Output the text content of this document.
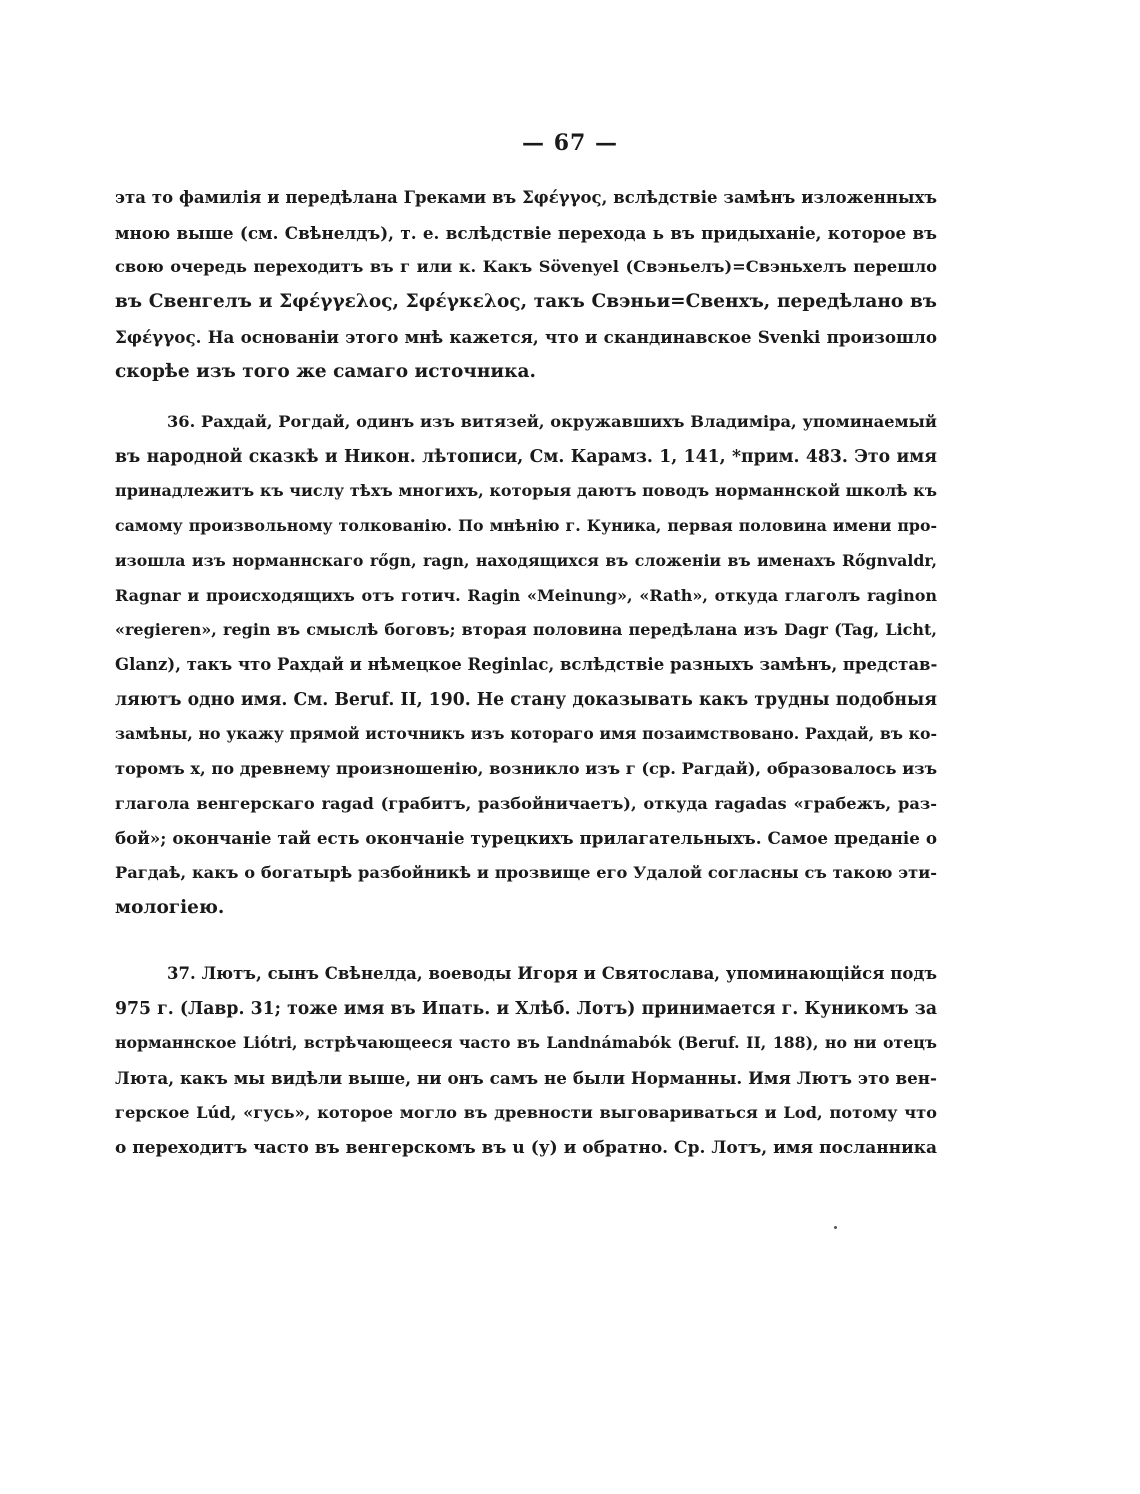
— 67 —

эта то фамилія и передѣлана Греками въ Σφέγγος, вслѣдствіе замѣнъ изложенныхъ
мною выше (см. Свѣнелдъ), т. е. вслѣдствіе перехода ь въ придыханіе, которое въ
свою очередь переходитъ въ г или к. Какъ Sövenyel (Свэньелъ)=Свэньхелъ перешло
въ Свенгелъ и Σφέγγελος, Σφέγκελος, такъ Свэньи=Свенхъ, передѣлано въ
Σφέγγος. На основаніи этого мнѣ кажется, что и скандинавское Svenki произошло
скорѣе изъ того же самаго источника.

36. Рахдай, Рогдай, одинъ изъ витязей, окружавшихъ Владиміра, упоминаемый
въ народной сказкѣ и Никон. лѣтописи, См. Карамз. 1, 141, *прим. 483. Это имя
принадлежитъ къ числу тѣхъ многихъ, которыя даютъ поводъ норманнской школѣ къ
самому произвольному толкованію. По мнѣнію г. Куника, первая половина имени про-
изошла изъ норманнскаго rőgn, ragn, находящихся въ сложеніи въ именахъ Rőgnvaldr,
Ragnar и происходящихъ отъ готич. Ragin «Meinung», «Rath», откуда глаголъ raginon
«regieren», regin въ смыслѣ боговъ; вторая половина передѣлана изъ Dagr (Tag, Licht,
Glanz), такъ что Рахдай и нѣмецкое Reginlac, вслѣдствіе разныхъ замѣнъ, представ-
ляютъ одно имя. См. Beruf. II, 190. Не стану доказывать какъ трудны подобныя
замѣны, но укажу прямой источникъ изъ котораго имя позаимствовано. Рахдай, въ ко-
торомъ х, по древнему произношенію, возникло изъ г (ср. Рагдай), образовалось изъ
глагола венгерскаго ragad (грабитъ, разбойничаетъ), откуда ragadas «грабежъ, раз-
бой»; окончаніе тай есть окончаніе турецкихъ прилагательныхъ. Самое преданіе о
Рагдаѣ, какъ о богатырѣ разбойникѣ и прозвище его Удалой согласны съ такою эти-
мологіею.

37. Лютъ, сынъ Свѣнелда, воеводы Игоря и Святослава, упоминающійся подъ
975 г. (Лавр. 31; тоже имя въ Ипать. и Хлѣб. Лотъ) принимается г. Куникомъ за
норманнское Liótri, встрѣчающееся часто въ Landnámabók (Beruf. II, 188), но ни отецъ
Люта, какъ мы видѣли выше, ни онъ самъ не были Норманны. Имя Лютъ это вен-
герское Lúd, «гусь», которое могло въ древности выговариваться и Lod, потому что
о переходитъ часто въ венгерскомъ въ u (у) и обратно. Ср. Лотъ, имя посланника
